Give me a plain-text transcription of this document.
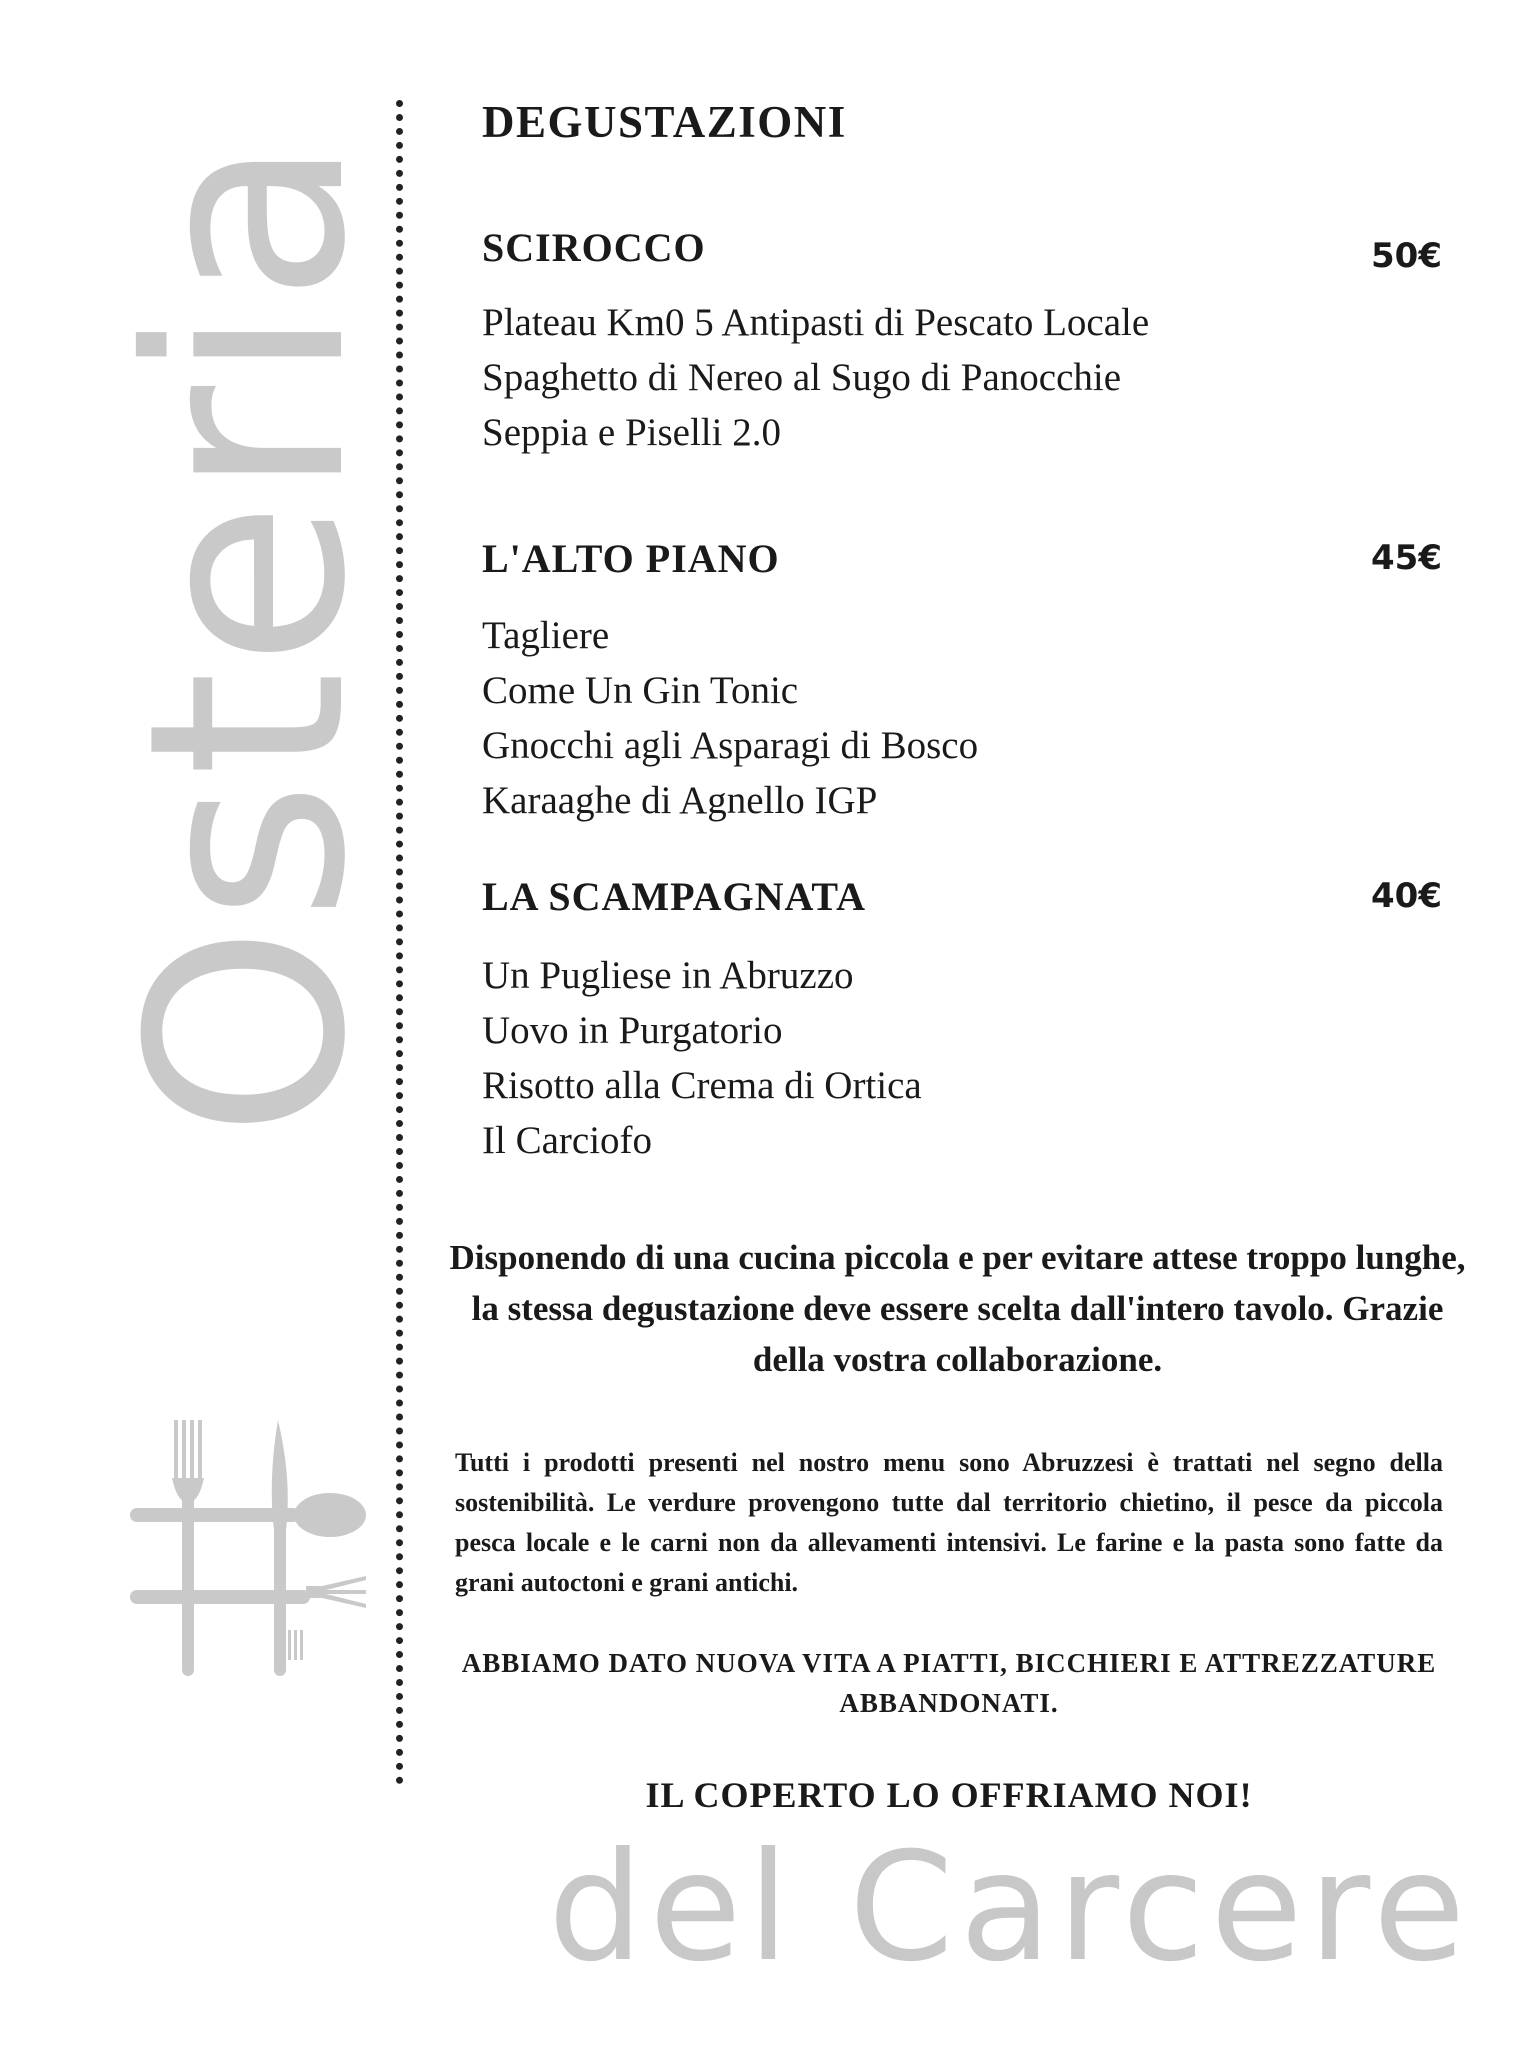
Osteria
del Carcere
DEGUSTAZIONI
SCIROCCO	50€

Plateau Km0 5 Antipasti di Pescato Locale

Spaghetto di Nereo al Sugo di Panocchie

Seppia e Piselli 2.0

L'ALTO PIANO	45€

Tagliere

Come Un Gin Tonic

Gnocchi agli Asparagi di Bosco

Karaaghe di Agnello IGP

LA SCAMPAGNATA	40€

Un Pugliese in Abruzzo

Uovo in Purgatorio

Risotto alla Crema di Ortica

Il Carciofo

Disponendo di una cucina piccola e per evitare attese troppo lunghe, la stessa degustazione deve essere scelta dall'intero tavolo. Grazie della vostra collaborazione.
Tutti i prodotti presenti nel nostro menu sono Abruzzesi è trattati nel segno della sostenibilità. Le verdure provengono tutte dal territorio chietino, il pesce da piccola pesca locale e le carni non da allevamenti intensivi. Le farine e la pasta sono fatte da grani autoctoni e grani antichi.
ABBIAMO DATO NUOVA VITA A PIATTI, BICCHIERI E ATTREZZATURE ABBANDONATI.
IL COPERTO LO OFFRIAMO NOI!
